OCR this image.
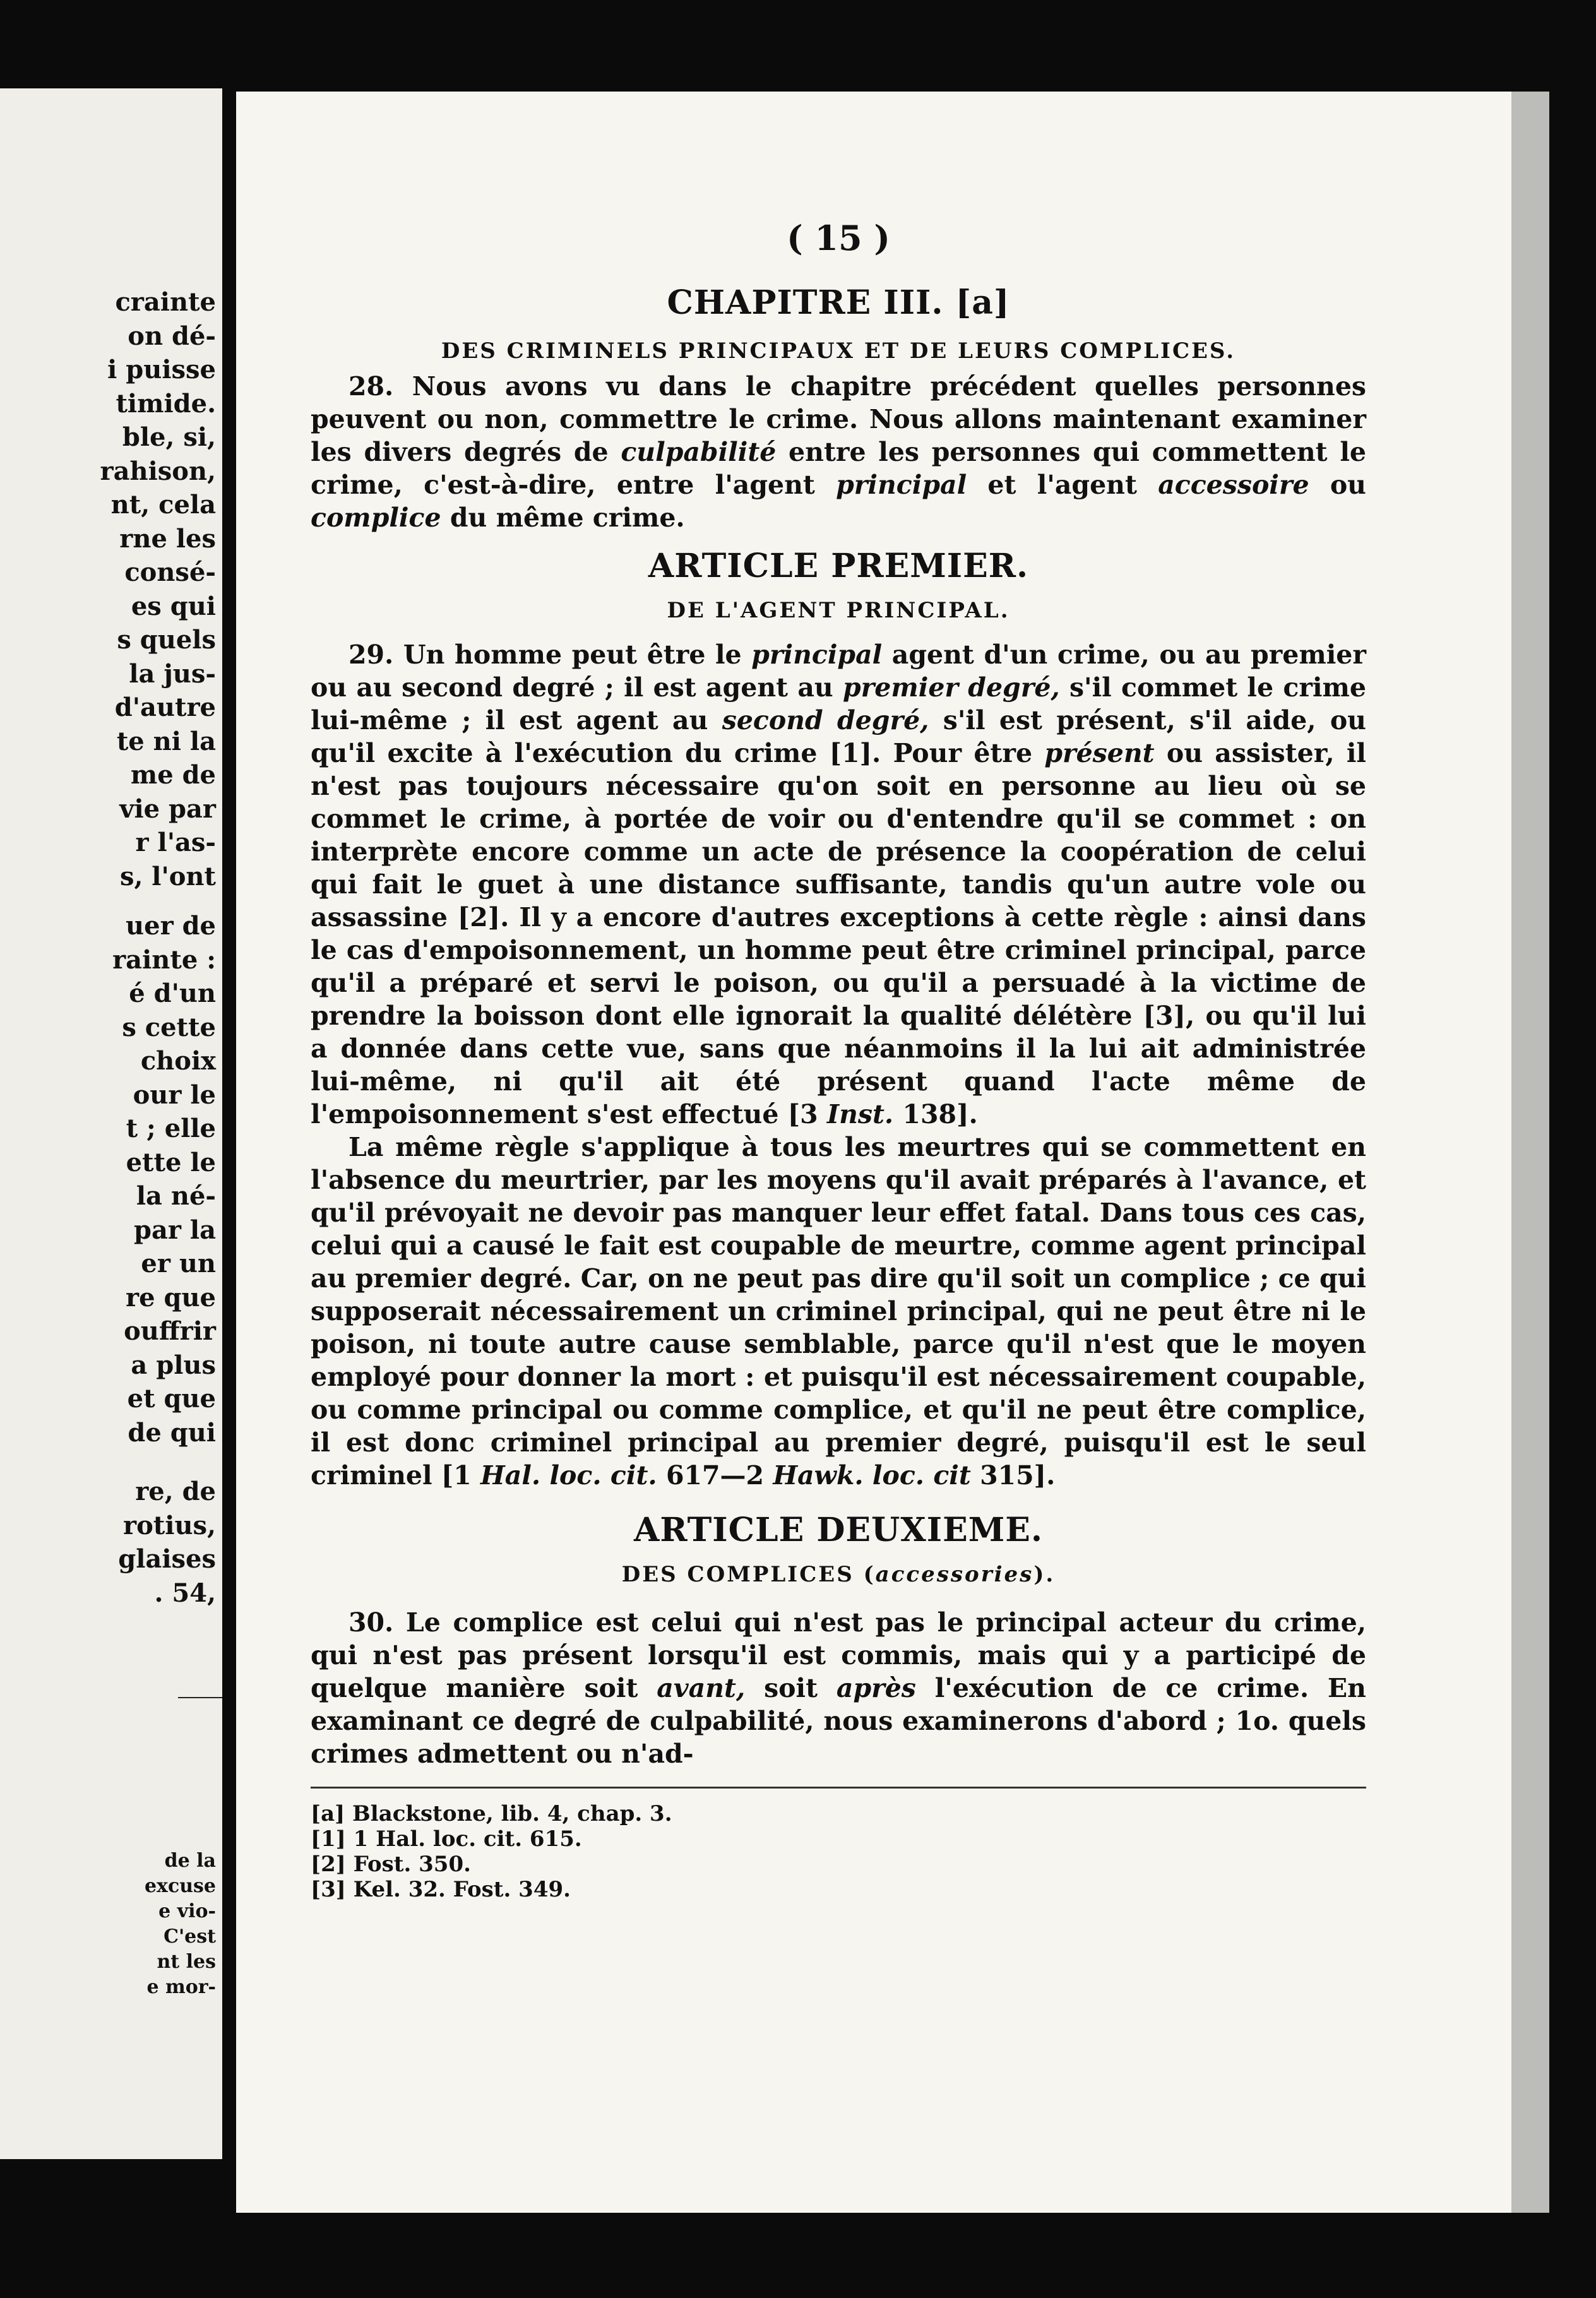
crainte
on dé-
i puisse
timide.
ble, si,
rahison,
nt, cela
rne les
consé-
es qui
s quels
la jus-
d'autre
te ni la
me de
vie par
r l'as-
s, l'ont
uer de
rainte :
é d'un
s cette
choix
our le
t ; elle
ette le
la né-
par la
er un
re que
ouffrir
a plus
et que
de qui
re, de
rotius,
glaises
. 54,
de la
excuse
e vio-
C'est
nt les
e mor-
( 15 )
CHAPITRE III. [a]
DES CRIMINELS PRINCIPAUX ET DE LEURS COMPLICES.

28. Nous avons vu dans le chapitre précédent quelles personnes peuvent ou non, commettre le crime. Nous allons maintenant examiner les divers degrés de culpabilité entre les personnes qui commettent le crime, c'est-à-dire, entre l'agent principal et l'agent accessoire ou complice du même crime.

ARTICLE PREMIER.
DE L'AGENT PRINCIPAL.

29. Un homme peut être le principal agent d'un crime, ou au premier ou au second degré ; il est agent au premier degré, s'il commet le crime lui-même ; il est agent au second degré, s'il est présent, s'il aide, ou qu'il excite à l'exécution du crime [1]. Pour être présent ou assister, il n'est pas toujours nécessaire qu'on soit en personne au lieu où se commet le crime, à portée de voir ou d'entendre qu'il se commet : on interprète encore comme un acte de présence la coopération de celui qui fait le guet à une distance suffisante, tandis qu'un autre vole ou assassine [2]. Il y a encore d'autres exceptions à cette règle : ainsi dans le cas d'empoisonnement, un homme peut être criminel principal, parce qu'il a préparé et servi le poison, ou qu'il a persuadé à la victime de prendre la boisson dont elle ignorait la qualité délétère [3], ou qu'il lui a donnée dans cette vue, sans que néanmoins il la lui ait administrée lui-même, ni qu'il ait été présent quand l'acte même de l'empoisonnement s'est effectué [3 Inst. 138].

La même règle s'applique à tous les meurtres qui se commettent en l'absence du meurtrier, par les moyens qu'il avait préparés à l'avance, et qu'il prévoyait ne devoir pas manquer leur effet fatal. Dans tous ces cas, celui qui a causé le fait est coupable de meurtre, comme agent principal au premier degré. Car, on ne peut pas dire qu'il soit un complice ; ce qui supposerait nécessairement un criminel principal, qui ne peut être ni le poison, ni toute autre cause semblable, parce qu'il n'est que le moyen employé pour donner la mort : et puisqu'il est nécessairement coupable, ou comme principal ou comme complice, et qu'il ne peut être complice, il est donc criminel principal au premier degré, puisqu'il est le seul criminel [1 Hal. loc. cit. 617—2 Hawk. loc. cit 315].

ARTICLE DEUXIEME.
DES COMPLICES (accessories).

30. Le complice est celui qui n'est pas le principal acteur du crime, qui n'est pas présent lorsqu'il est commis, mais qui y a participé de quelque manière soit avant, soit après l'exécution de ce crime. En examinant ce degré de culpabilité, nous examinerons d'abord ; 1o. quels crimes admettent ou n'ad-

[a] Blackstone, lib. 4, chap. 3.

[1] 1 Hal. loc. cit. 615.

[2] Fost. 350.

[3] Kel. 32. Fost. 349.
